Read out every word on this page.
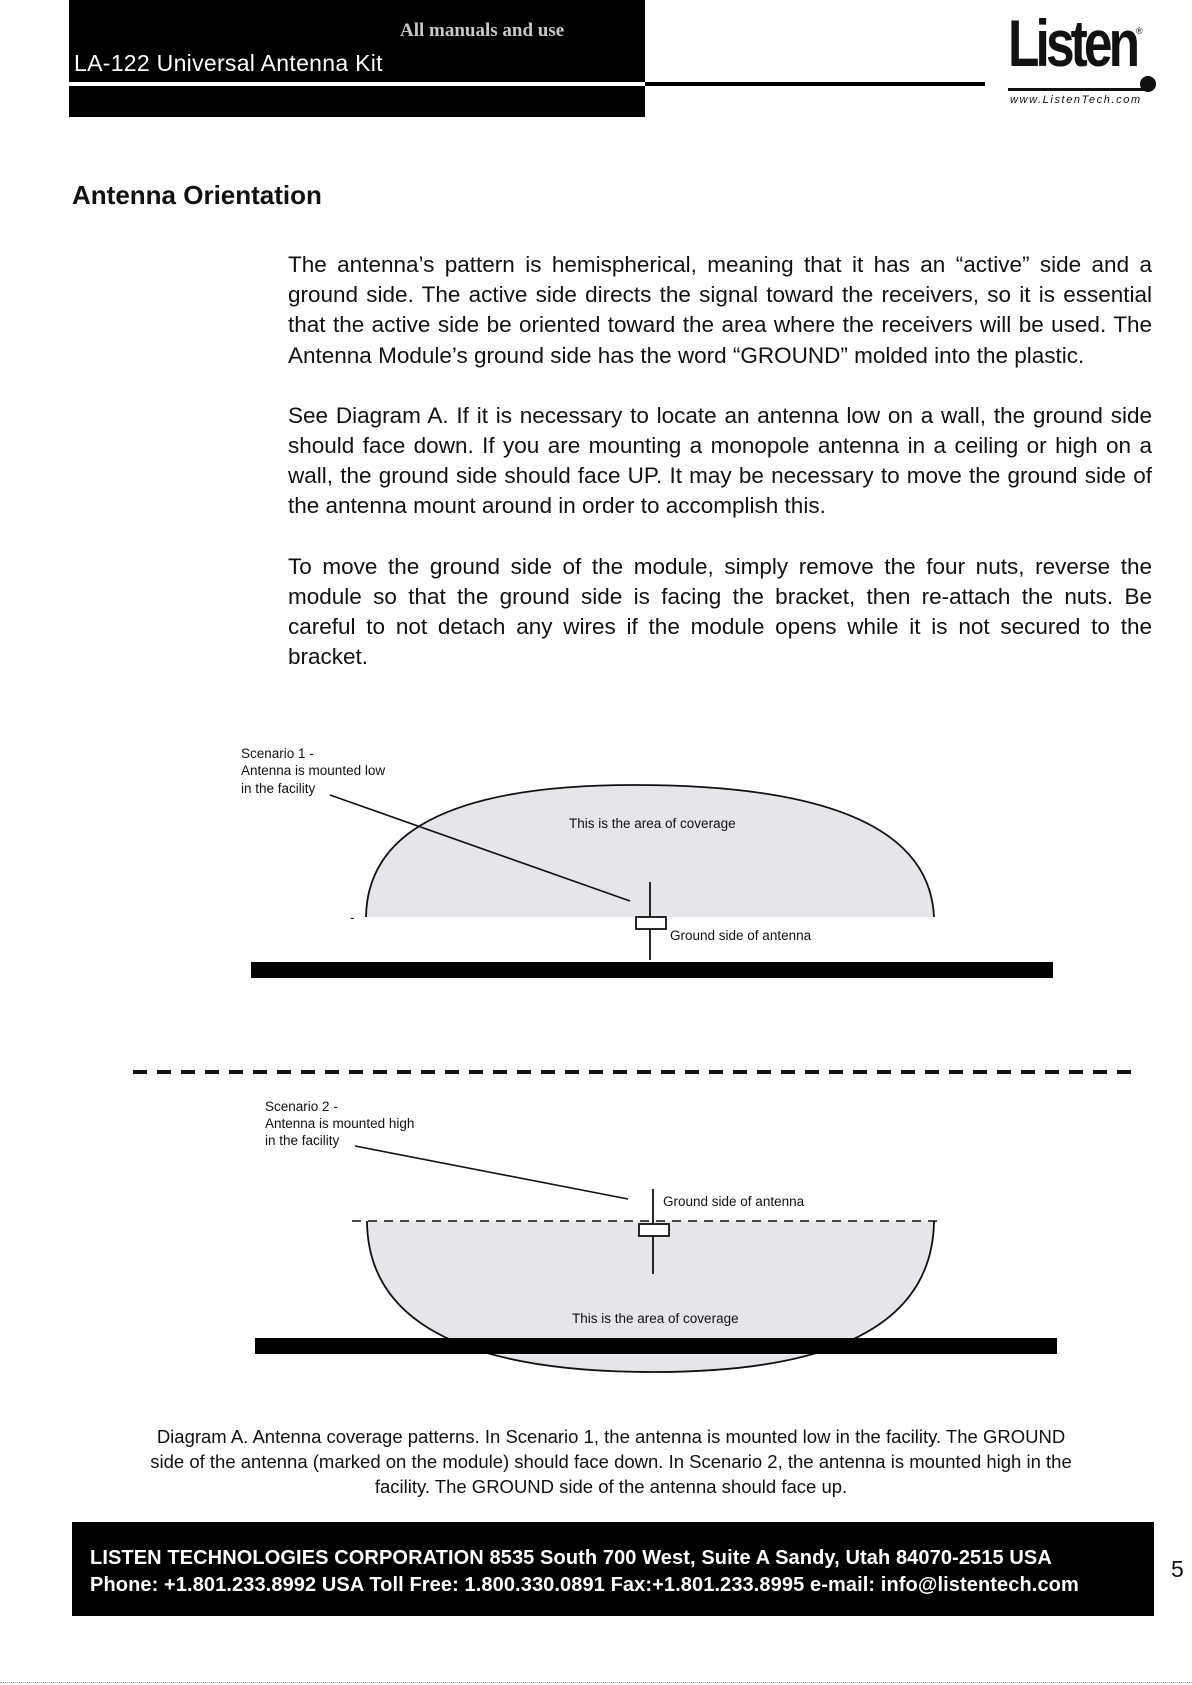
All manuals and use
LA-122 Universal Antenna Kit	Listen ®
www.ListenTech.com
Antenna Orientation

The antenna’s pattern is hemispherical, meaning that it has an “active” side and a ground side. The active side directs the signal toward the receivers, so it is essential that the active side be oriented toward the area where the receivers will be used. The Antenna Module’s ground side has the word “GROUND” molded into the plastic.

See Diagram A. If it is necessary to locate an antenna low on a wall, the ground side should face down. If you are mounting a monopole antenna in a ceiling or high on a wall, the ground side should face UP. It may be necessary to move the ground side of the antenna mount around in order to accomplish this.

To move the ground side of the module, simply remove the four nuts, reverse the module so that the ground side is facing the bracket, then re-attach the nuts. Be careful to not detach any wires if the module opens while it is not secured to the bracket.

Scenario 1 -
Antenna is mounted low
in the facility
This is the area of coverage
Ground side of antenna
-
Scenario 2 -
Antenna is mounted high
in the facility
Ground side of antenna
This is the area of coverage

Diagram A. Antenna coverage patterns. In Scenario 1, the antenna is mounted low in the facility. The GROUND side of the antenna (marked on the module) should face down. In Scenario 2, the antenna is mounted high in the facility. The GROUND side of the antenna should face up.

LISTEN TECHNOLOGIES CORPORATION 8535 South 700 West, Suite A Sandy, Utah 84070-2515 USA
Phone: +1.801.233.8992 USA Toll Free: 1.800.330.0891 Fax:+1.801.233.8995 e-mail: info@listentech.com
5
